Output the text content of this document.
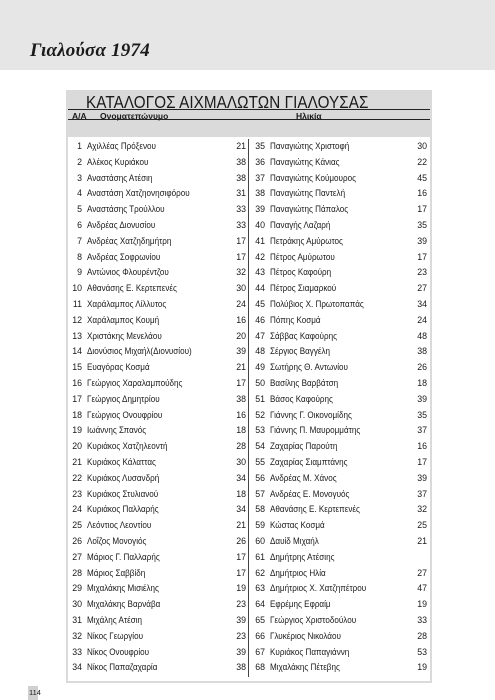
Γιαλούσα 1974
ΚΑΤΑΛΟΓΟΣ ΑΙΧΜΑΛΩΤΩΝ ΓΙΑΛΟΥΣΑΣ
Α/Α Ονοματεπώνυμο	Ηλικία
1 Αχιλλέας Πρόξενου	21
2 Αλέκος Κυριάκου	38
3 Αναστάσης Ατέσιη	38
4 Αναστάση Χατζηονησιφόρου	31
5 Αναστάσης Τρούλλου	33
6 Ανδρέας Διονυσίου	33
7 Ανδρέας Χατζηδημήτρη	17
8 Ανδρέας Σοφρωνίου	17
9 Αντώνιος Φλουρέντζου	32
10 Αθανάσης Ε. Κερτεπενές	30
11 Χαράλαμπος Λίλλυτος	24
12 Χαράλαμπος Κουμή	16
13 Χριστάκης Μενελάου	20
14 Διονύσιος Μιχαήλ(Διονυσίου)	39
15 Ευαγόρας Κοσμά	21
16 Γεώργιος Χαραλαμπούδης	17
17 Γεώργιος Δημητρίου	38
18 Γεώργιος Ονουφρίου	16
19 Ιωάννης Σπανός	18
20 Κυριάκος Χατζηλεοντή	28
21 Κυριάκος Κάλαττας	30
22 Κυριάκος Λυσανδρή	34
23 Κυριάκος Στυλιανού	18
24 Κυριάκος Παλλαρής	34
25 Λεόντιος Λεοντίου	21
26 Λοΐζος Μονογιός	26
27 Μάριος Γ. Παλλαρής	17
28 Μάριος Σαββίδη	17
29 Μιχαλάκης Μισιέλης	19
30 Μιχαλάκης Βαρνάβα	23
31 Μιχάλης Ατέσιη	39
32 Νίκος Γεωργίου	23
33 Νίκος Ονουφρίου	39
34 Νίκος Παπαζαχαρία	38
35 Παναγιώτης Χριστοφή	30
36 Παναγιώτης Κάνιας	22
37 Παναγιώτης Κούμουρος	45
38 Παναγιώτης Παντελή	16
39 Παναγιώτης Πάπαλος	17
40 Παναγής Λαζαρή	35
41 Πετράκης Αμύρωτος	39
42 Πέτρος Αμύρωτου	17
43 Πέτρος Καφούρη	23
44 Πέτρος Σιαμαρκού	27
45 Πολύβιος Χ. Πρωτοπαπάς	34
46 Πόπης Κοσμά	24
47 Σάββας Καφούρης	48
48 Σέργιος Βαγγέλη	38
49 Σωτήρης Θ. Αντωνίου	26
50 Βασίλης Βαρβάτση	18
51 Βάσος Καφούρης	39
52 Γιάννης Γ. Οικονομίδης	35
53 Γιάννης Π. Μαυρομμάτης	37
54 Ζαχαρίας Παρούτη	16
55 Ζαχαρίας Σιαμπτάνης	17
56 Ανδρέας Μ. Χάνος	39
57 Ανδρέας Ε. Μονογυός	37
58 Αθανάσης Ε. Κερτεπενές	32
59 Κώστας Κοσμά	25
60 Δαυίδ Μιχαήλ	21
61 Δημήτρης Ατέσιης
62 Δημήτριος Ηλία	27
63 Δημήτριος Χ. Χατζηπέτρου	47
64 Εφρέμης Εφραίμ	19
65 Γεώργιος Χριστοδούλου	33
66 Γλυκέριος Νικολάου	28
67 Κυριάκος Παπαγιάννη	53
68 Μιχαλάκης Πέτεβης	19
114
